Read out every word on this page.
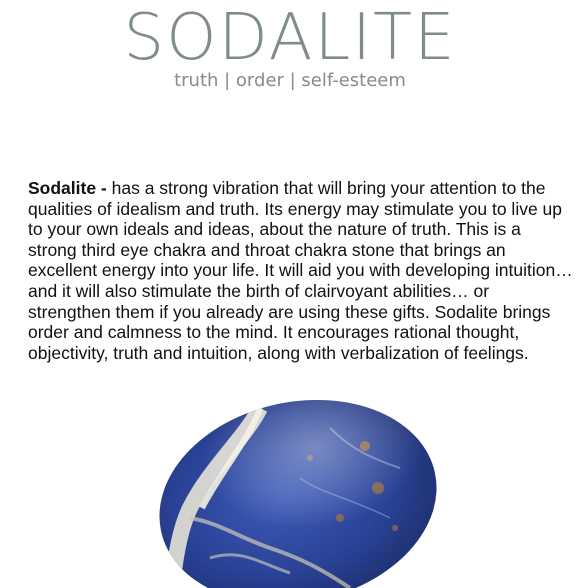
SODALITE
truth | order | self-esteem
Sodalite - has a strong vibration that will bring your attention to the qualities of idealism and truth. Its energy may stimulate you to live up to your own ideals and ideas, about the nature of truth. This is a strong third eye chakra and throat chakra stone that brings an excellent energy into your life. It will aid you with developing intuition…and it will also stimulate the birth of clairvoyant abilities… or strengthen them if you already are using these gifts. Sodalite brings order and calmness to the mind. It encourages rational thought, objectivity, truth and intuition, along with verbalization of feelings.
